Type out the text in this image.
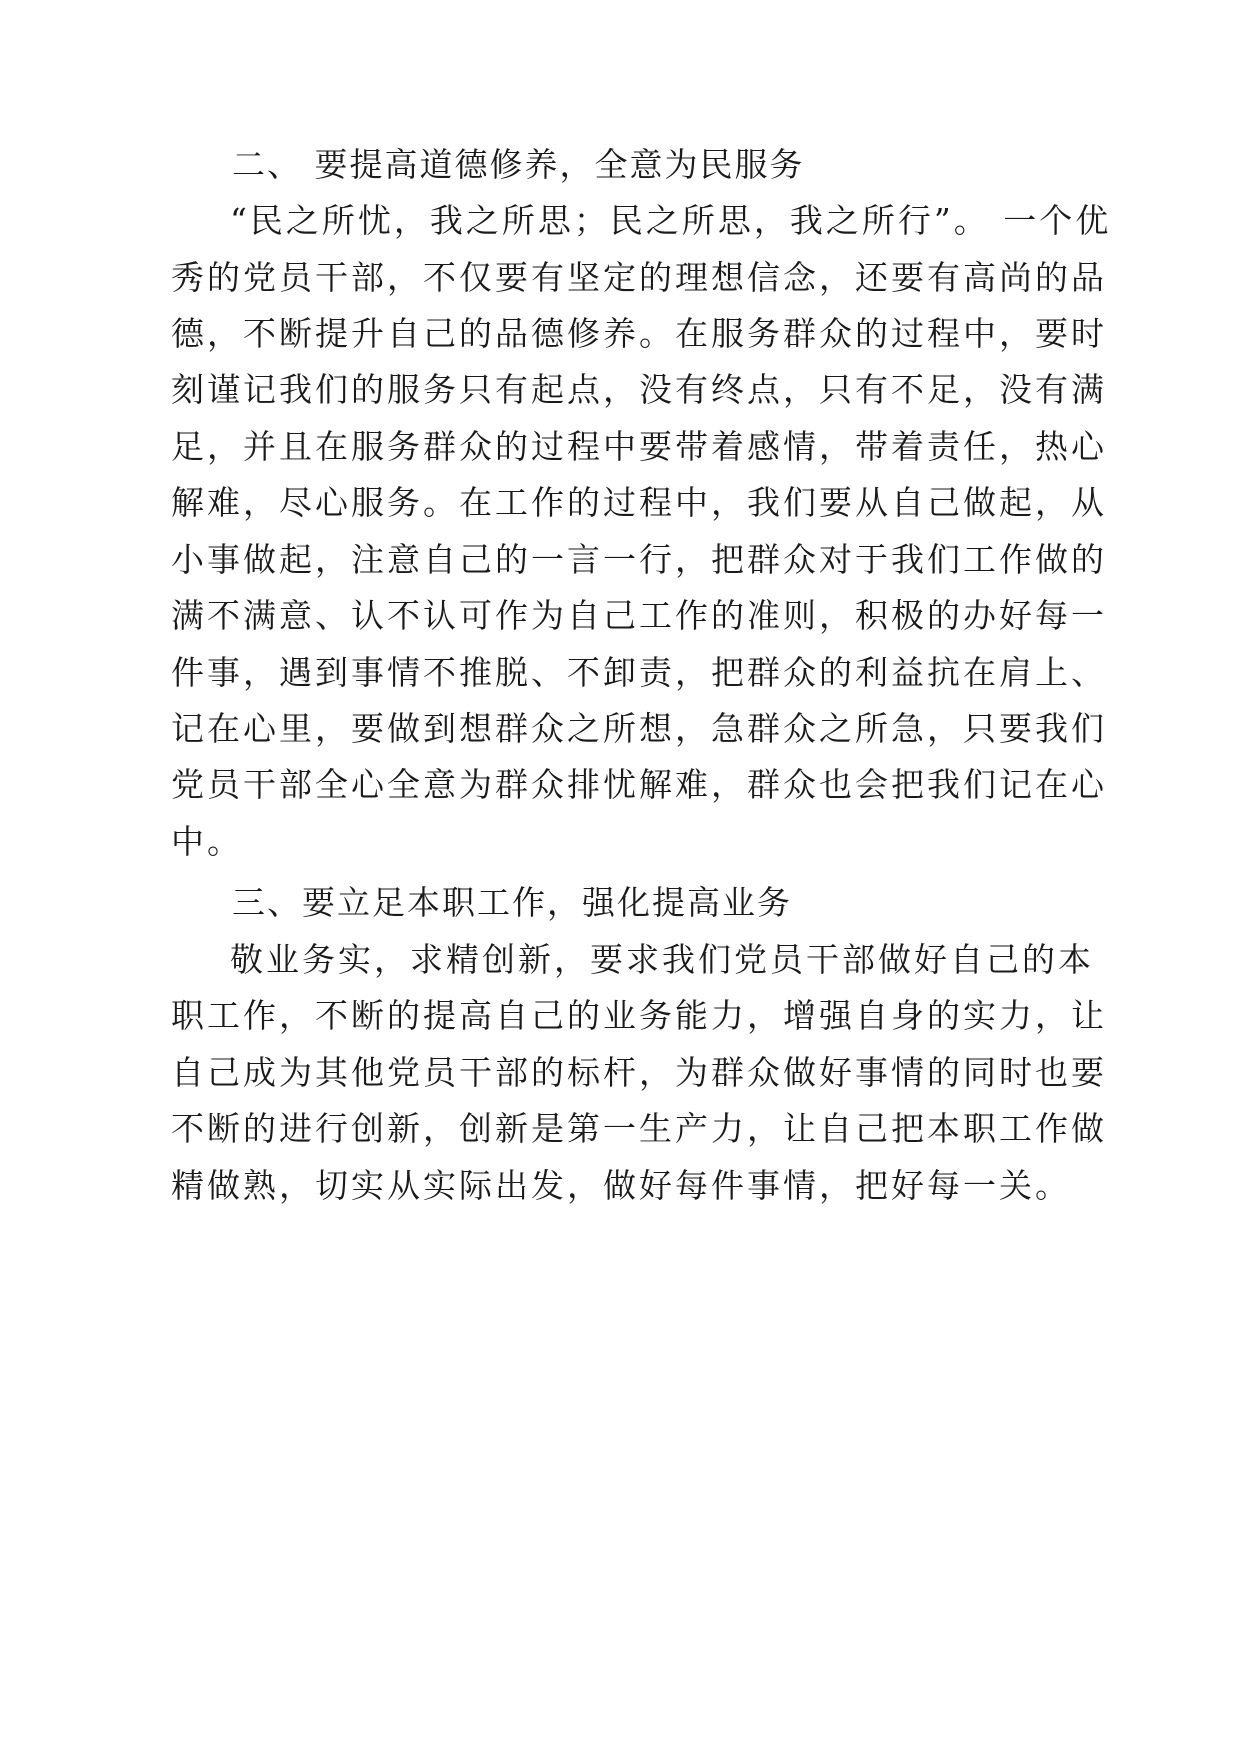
二、 要提高道德修养，全意为民服务
“民之所忧，我之所思；民之所思，我之所行”。 一个优
秀的党员干部，不仅要有坚定的理想信念，还要有高尚的品
德，不断提升自己的品德修养。在服务群众的过程中，要时
刻谨记我们的服务只有起点，没有终点，只有不足，没有满
足，并且在服务群众的过程中要带着感情，带着责任，热心
解难，尽心服务。在工作的过程中，我们要从自己做起，从
小事做起，注意自己的一言一行，把群众对于我们工作做的
满不满意、认不认可作为自己工作的准则，积极的办好每一
件事，遇到事情不推脱、不卸责，把群众的利益抗在肩上、
记在心里，要做到想群众之所想，急群众之所急，只要我们
党员干部全心全意为群众排忧解难，群众也会把我们记在心
中。
三、要立足本职工作，强化提高业务
敬业务实，求精创新，要求我们党员干部做好自己的本
职工作，不断的提高自己的业务能力，增强自身的实力，让
自己成为其他党员干部的标杆，为群众做好事情的同时也要
不断的进行创新，创新是第一生产力，让自己把本职工作做
精做熟，切实从实际出发，做好每件事情，把好每一关。
